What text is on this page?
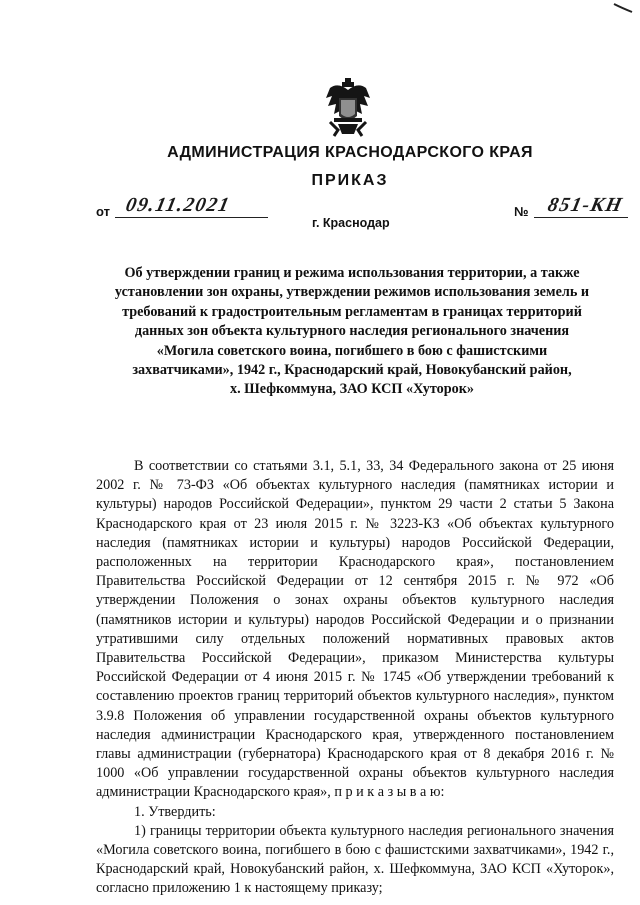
АДМИНИСТРАЦИЯ КРАСНОДАРСКОГО КРАЯ
ПРИКАЗ
от 09.11.2021	№ 851-КН
г. Краснодар
Об утверждении границ и режима использования территории, а также
установлении зон охраны, утверждении режимов использования земель и
требований к градостроительным регламентам в границах территорий
данных зон объекта культурного наследия регионального значения
«Могила советского воина, погибшего в бою с фашистскими
захватчиками», 1942 г., Краснодарский край, Новокубанский район,
х. Шефкоммуна, ЗАО КСП «Хуторок»

В соответствии со статьями 3.1, 5.1, 33, 34 Федерального закона от 25 июня 2002 г. № 73-ФЗ «Об объектах культурного наследия (памятниках истории и культуры) народов Российской Федерации», пунктом 29 части 2 статьи 5 Закона Краснодарского края от 23 июля 2015 г. № 3223-КЗ «Об объектах культурного наследия (памятниках истории и культуры) народов Российской Федерации, расположенных на территории Краснодарского края», постановлением Правительства Российской Федерации от 12 сентября 2015 г. № 972 «Об утверждении Положения о зонах охраны объектов культурного наследия (памятников истории и культуры) народов Российской Федерации и о признании утратившими силу отдельных положений нормативных правовых актов Правительства Российской Федерации», приказом Министерства культуры Российской Федерации от 4 июня 2015 г. № 1745 «Об утверждении требований к составлению проектов границ территорий объектов культурного наследия», пунктом 3.9.8 Положения об управлении государственной охраны объектов культурного наследия администрации Краснодарского края, утвержденного постановлением главы администрации (губернатора) Краснодарского края от 8 декабря 2016 г. № 1000 «Об управлении государственной охраны объектов культурного наследия администрации Краснодарского края», п р и к а з ы в а ю:

1. Утвердить:

1) границы территории объекта культурного наследия регионального значения «Могила советского воина, погибшего в бою с фашистскими захватчиками», 1942 г., Краснодарский край, Новокубанский район, х. Шефкоммуна, ЗАО КСП «Хуторок», согласно приложению 1 к настоящему приказу;
